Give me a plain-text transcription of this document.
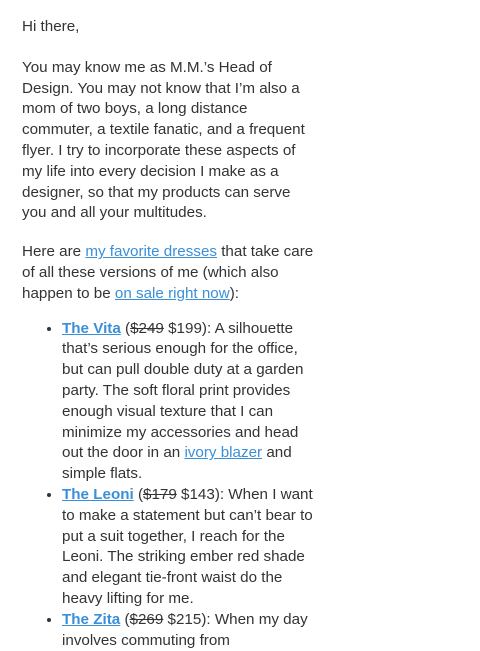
Hi there,

You may know me as M.M.’s Head of Design. You may not know that I’m also a mom of two boys, a long distance commuter, a textile fanatic, and a frequent flyer. I try to incorporate these aspects of my life into every decision I make as a designer, so that my products can serve you and all your multitudes.

Here are my favorite dresses that take care of all these versions of me (which also happen to be on sale right now):

• The Vita ($249 $199): A silhouette that’s serious enough for the office, but can pull double duty at a garden party. The soft floral print provides enough visual texture that I can minimize my accessories and head out the door in an ivory blazer and simple flats.
• The Leoni ($179 $143): When I want to make a statement but can’t bear to put a suit together, I reach for the Leoni. The striking ember red shade and elegant tie-front waist do the heavy lifting for me.
• The Zita ($269 $215): When my day involves commuting from
